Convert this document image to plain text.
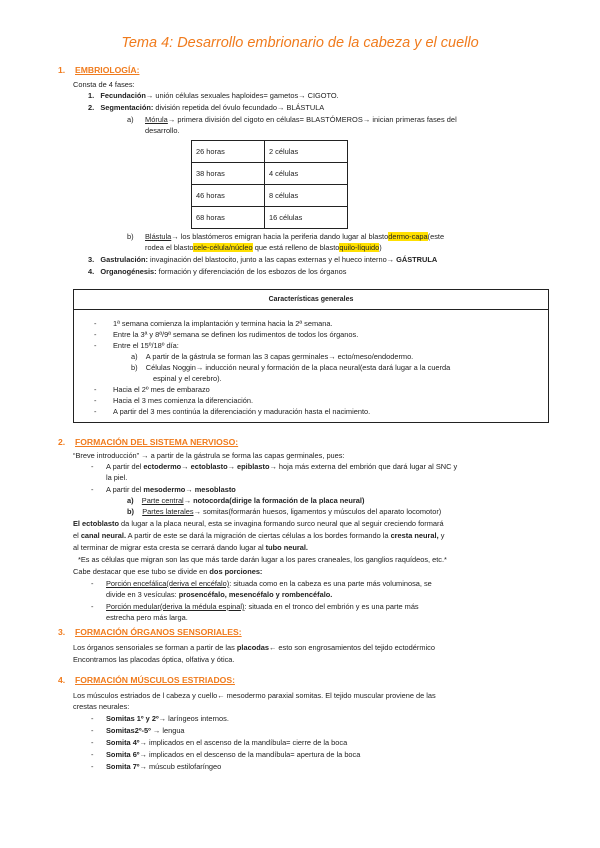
Tema 4: Desarrollo embrionario de la cabeza y el cuello
1. EMBRIOLOGÍA:
Consta de 4 fases:
1. Fecundación→ unión células sexuales haploides= gametos→ CIGOTO.
2. Segmentación: división repetida del óvulo fecundado→ BLÁSTULA
a) Mórula→ primera división del cigoto en células= BLASTÓMEROS→ inician primeras fases del
desarrollo.
26 horas	2 células
38 horas	4 células
46 horas	8 células
68 horas	16 células
b) Blástula→ los blastómeros emigran hacia la periferia dando lugar al blastodermo-capa(este
rodea el blastocele-célula/núcleo que está relleno de blastoquilo-líquido)
3. Gastrulación: invaginación del blastocito, junto a las capas externas y el hueco interno→ GÁSTRULA
4. Organogénesis: formación y diferenciación de los esbozos de los órganos
Características generales
- 1ª semana comienza la implantación y termina hacia la 2ª semana.
- Entre la 3ª y 8ª/9ª semana se definen los rudimentos de todos los órganos.
- Entre el 15º/18º día:
a)    A partir de la gástrula se forman las 3 capas germinales→ ecto/meso/endodermo.
b)    Células Noggin→ inducción neural y formación de la placa neural(esta dará lugar a la cuerda
espinal y el cerebro).
- Hacia el 2º mes de embarazo
- Hacia el 3 mes comienza la diferenciación.
- A partir del 3 mes continúa la diferenciación y maduración hasta el nacimiento.
2. FORMACIÓN DEL SISTEMA NERVIOSO:
“Breve introducción” → a partir de la gástrula se forma las capas germinales, pues:
- A partir del ectodermo→ ectoblasto→ epiblasto→ hoja más externa del embrión que dará lugar al SNC y
la piel.
- A partir del mesodermo→ mesoblasto
a) Parte central→ notocorda(dirige la formación de la placa neural)
b) Partes laterales→ somitas(formarán huesos, ligamentos y músculos del aparato locomotor)
El ectoblasto da lugar a la placa neural, esta se invagina formando surco neural que al seguir creciendo formará
el canal neural. A partir de este se dará la migración de ciertas células a los bordes formando la cresta neural, y
al terminar de migrar esta cresta se cerrará dando lugar al tubo neural.
*Es as células que migran son las que más tarde darán lugar a los pares craneales, los ganglios raquídeos, etc.*
Cabe destacar que ese tubo se divide en dos porciones:
- Porción encefálica(deriva el encéfalo): situada como en la cabeza es una parte más voluminosa, se
divide en 3 vesículas: prosencéfalo, mesencéfalo y rombencéfalo.
- Porción medular(deriva la médula espinal): situada en el tronco del embrión y es una parte más
estrecha pero más larga.
3. FORMACIÓN ÓRGANOS SENSORIALES:
Los órganos sensoriales se forman a partir de las placodas← esto son engrosamientos del tejido ectodérmico
Encontramos las placodas óptica, olfativa y ótica.
4. FORMACIÓN MÚSCULOS ESTRIADOS:
Los músculos estriados de l cabeza y cuello← mesodermo paraxial somitas. El tejido muscular proviene de las
crestas neurales:
- Somitas 1º y 2º→ laríngeos internos.
- Somitas2º-5º → lengua
- Somita 4º→ implicados en el ascenso de la mandíbula= cierre de la boca
- Somita 6º→ implicados en el descenso de la mandíbula= apertura de la boca
- Somita 7º→ múscub estilofaríngeo
